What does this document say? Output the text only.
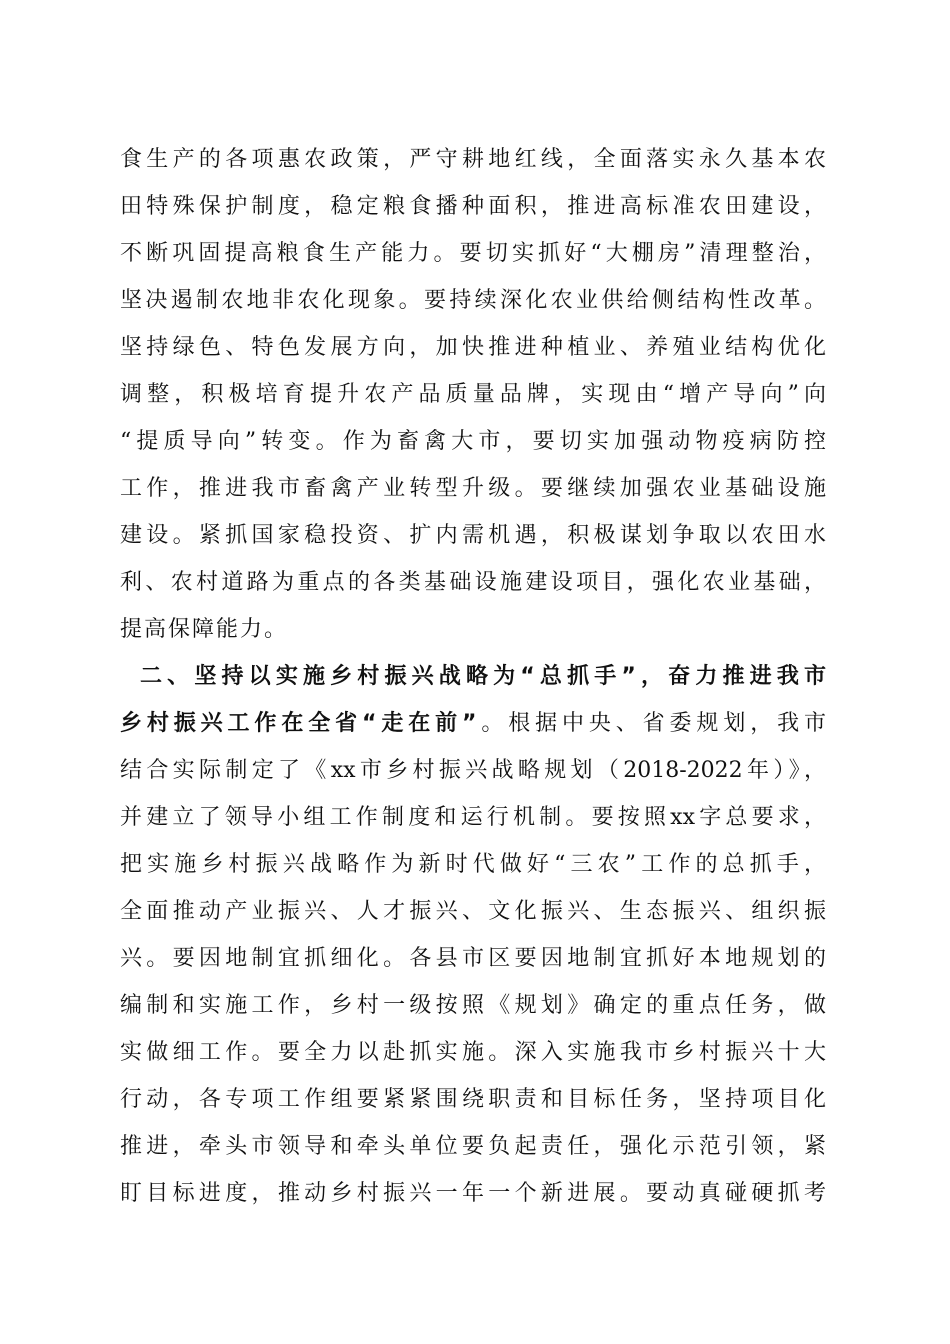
食生产的各项惠农政策，严守耕地红线，全面落实永久基本农
田特殊保护制度，稳定粮食播种面积，推进高标准农田建设，
不断巩固提高粮食生产能力。要切实抓好“大棚房”清理整治，
坚决遏制农地非农化现象。要持续深化农业供给侧结构性改革。
坚持绿色、特色发展方向，加快推进种植业、养殖业结构优化
调整，积极培育提升农产品质量品牌，实现由“增产导向”向
“提质导向”转变。作为畜禽大市，要切实加强动物疫病防控
工作，推进我市畜禽产业转型升级。要继续加强农业基础设施
建设。紧抓国家稳投资、扩内需机遇，积极谋划争取以农田水
利、农村道路为重点的各类基础设施建设项目，强化农业基础，
提高保障能力。
二、坚持以实施乡村振兴战略为“总抓手”，奋力推进我市
乡村振兴工作在全省“走在前”。根据中央、省委规划，我市
结合实际制定了《xx市乡村振兴战略规划（2018-2022年）》，
并建立了领导小组工作制度和运行机制。要按照xx字总要求，
把实施乡村振兴战略作为新时代做好“三农”工作的总抓手，
全面推动产业振兴、人才振兴、文化振兴、生态振兴、组织振
兴。要因地制宜抓细化。各县市区要因地制宜抓好本地规划的
编制和实施工作，乡村一级按照《规划》确定的重点任务，做
实做细工作。要全力以赴抓实施。深入实施我市乡村振兴十大
行动，各专项工作组要紧紧围绕职责和目标任务，坚持项目化
推进，牵头市领导和牵头单位要负起责任，强化示范引领，紧
盯目标进度，推动乡村振兴一年一个新进展。要动真碰硬抓考
